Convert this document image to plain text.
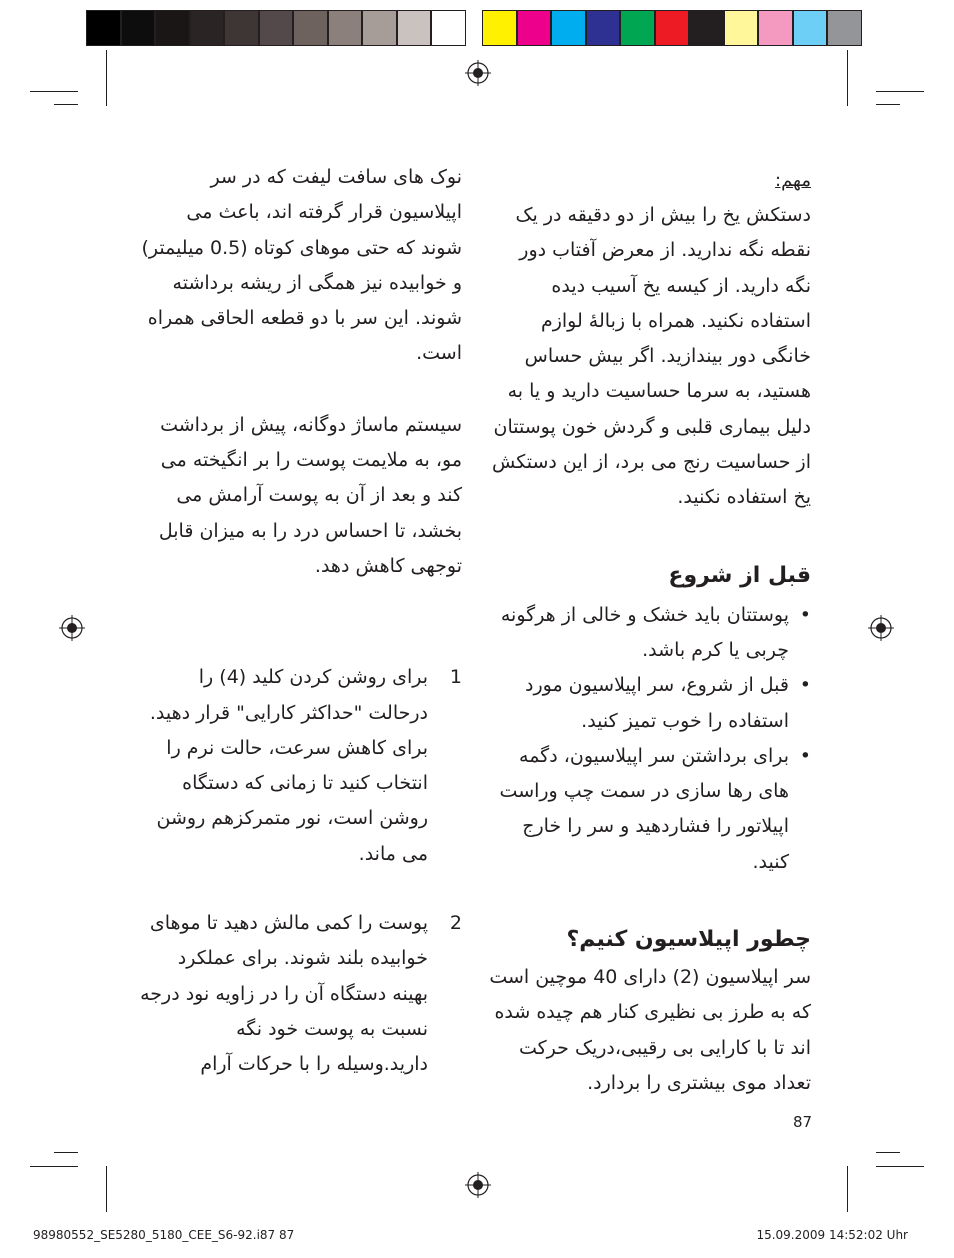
مهم:

دستکش یخ را بیش از دو دقیقه در یک نقطه نگه ندارید. از معرض آفتاب دور نگه دارید. از کیسه یخ آسیب دیده استفاده نکنید. همراه با زبالهٔ لوازم خانگی دور بیندازید. اگر بیش حساس هستید، به سرما حساسیت دارید و یا به دلیل بیماری قلبی و گردش خون پوستتان از حساسیت رنج می برد، از این دستکش یخ استفاده نکنید.

قبل از شروع
• پوستتان باید خشک و خالی از هرگونه چربی یا کرم باشد.
• قبل از شروع، سر اپیلاسیون مورد استفاده را خوب تمیز کنید.
• برای برداشتن سر اپیلاسیون، دگمه های رها سازی در سمت چپ وراست اپیلاتور را فشاردهید و سر را خارج کنید.
چطور اپیلاسیون کنیم؟

سر اپیلاسیون (2) دارای 40 موچین است که به طرز بی نظیری کنار هم چیده شده اند تا با کارایی بی رقیبی،دریک حرکت تعداد موی بیشتری را بردارد.

نوک های سافت لیفت که در سر اپیلاسیون قرار گرفته اند، باعث می شوند که حتی موهای کوتاه (0.5 میلیمتر) و خوابیده نیز همگی از ریشه برداشته شوند. این سر با دو قطعه الحاقی همراه است.

سیستم ماساژ دوگانه، پیش از برداشت مو، به ملایمت پوست را بر انگیخته می کند و بعد از آن به پوست آرامش می بخشد، تا احساس درد را به میزان قابل توجهی کاهش دهد.

1

برای روشن کردن کلید (4) را درحالت "حداکثر کارایی" قرار دهید. برای کاهش سرعت، حالت نرم را انتخاب کنید تا زمانی که دستگاه روشن است، نور متمرکزهم روشن می ماند.

2

پوست را کمی مالش دهید تا موهای خوابیده بلند شوند. برای عملکرد بهینه دستگاه آن را در زاویه نود درجه نسبت به پوست خود نگه دارید.وسیله را با حرکات آرام

87
98980552_SE5280_5180_CEE_S6-92.i87 87	15.09.2009 14:52:02 Uhr
